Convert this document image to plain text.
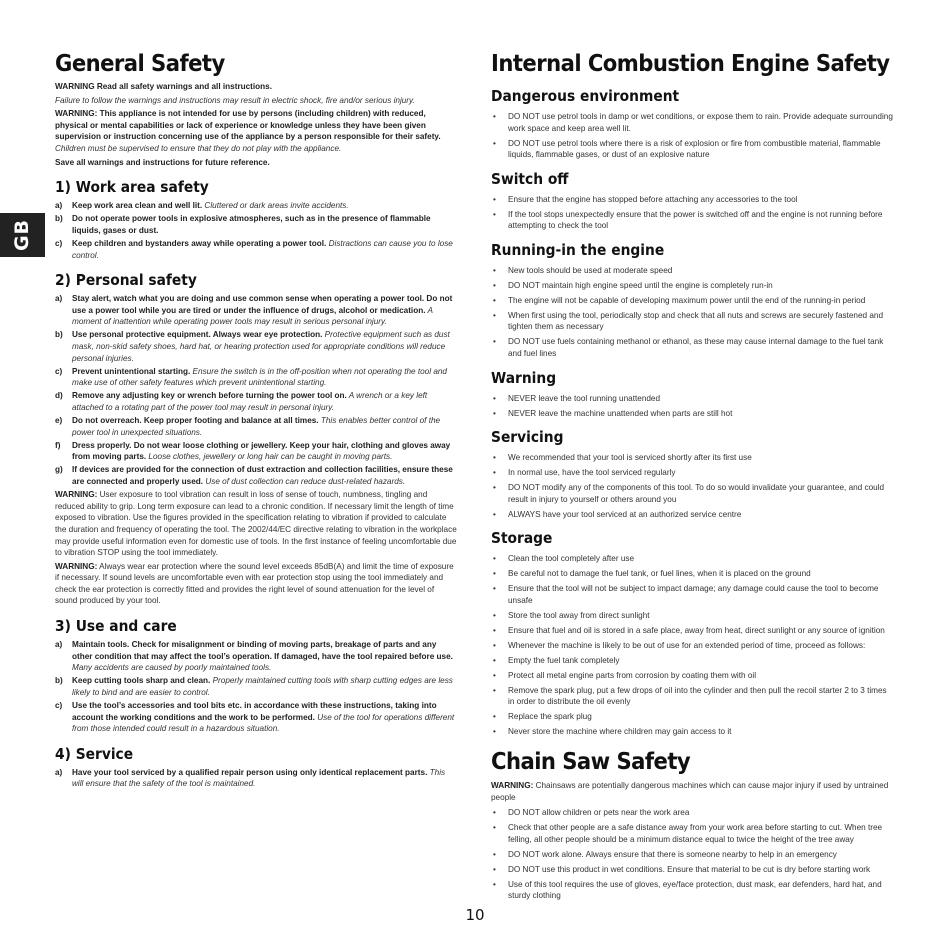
GB
General Safety

WARNING Read all safety warnings and all instructions.

Failure to follow the warnings and instructions may result in electric shock, fire and/or serious injury.

WARNING: This appliance is not intended for use by persons (including children) with reduced, physical or mental capabilities or lack of experience or knowledge unless they have been given supervision or instruction concerning use of the appliance by a person responsible for their safety. Children must be supervised to ensure that they do not play with the appliance.

Save all warnings and instructions for future reference.

1) Work area safety
a)	Keep work area clean and well lit. Cluttered or dark areas invite accidents.
b)	Do not operate power tools in explosive atmospheres, such as in the presence of flammable liquids, gases or dust.
c)	Keep children and bystanders away while operating a power tool. Distractions can cause you to lose control.
2) Personal safety
a)	Stay alert, watch what you are doing and use common sense when operating a power tool. Do not use a power tool while you are tired or under the influence of drugs, alcohol or medication. A moment of inattention while operating power tools may result in serious personal injury.
b)	Use personal protective equipment. Always wear eye protection. Protective equipment such as dust mask, non-skid safety shoes, hard hat, or hearing protection used for appropriate conditions will reduce personal injuries.
c)	Prevent unintentional starting. Ensure the switch is in the off-position when not operating the tool and make use of other safety features which prevent unintentional starting.
d)	Remove any adjusting key or wrench before turning the power tool on. A wrench or a key left attached to a rotating part of the power tool may result in personal injury.
e)	Do not overreach. Keep proper footing and balance at all times. This enables better control of the power tool in unexpected situations.
f)	Dress properly. Do not wear loose clothing or jewellery. Keep your hair, clothing and gloves away from moving parts. Loose clothes, jewellery or long hair can be caught in moving parts.
g)	If devices are provided for the connection of dust extraction and collection facilities, ensure these are connected and properly used. Use of dust collection can reduce dust-related hazards.

WARNING: User exposure to tool vibration can result in loss of sense of touch, numbness, tingling and reduced ability to grip. Long term exposure can lead to a chronic condition. If necessary limit the length of time exposed to vibration. Use the figures provided in the specification relating to vibration if provided to calculate the duration and frequency of operating the tool. The 2002/44/EC directive relating to vibration in the workplace may provide useful information even for domestic use of tools. In the first instance of feeling uncomfortable due to vibration STOP using the tool immediately.

WARNING: Always wear ear protection where the sound level exceeds 85dB(A) and limit the time of exposure if necessary. If sound levels are uncomfortable even with ear protection stop using the tool immediately and check the ear protection is correctly fitted and provides the right level of sound attenuation for the level of sound produced by your tool.

3) Use and care
a)	Maintain tools. Check for misalignment or binding of moving parts, breakage of parts and any other condition that may affect the tool’s operation. If damaged, have the tool repaired before use. Many accidents are caused by poorly maintained tools.
b)	Keep cutting tools sharp and clean. Properly maintained cutting tools with sharp cutting edges are less likely to bind and are easier to control.
c)	Use the tool’s accessories and tool bits etc. in accordance with these instructions, taking into account the working conditions and the work to be performed. Use of the tool for operations different from those intended could result in a hazardous situation.
4) Service
a)	Have your tool serviced by a qualified repair person using only identical replacement parts. This will ensure that the safety of the tool is maintained.
Internal Combustion Engine Safety
Dangerous environment
• DO NOT use petrol tools in damp or wet conditions, or expose them to rain. Provide adequate surrounding work space and keep area well lit.
• DO NOT use petrol tools where there is a risk of explosion or fire from combustible material, flammable liquids, flammable gases, or dust of an explosive nature
Switch off
• Ensure that the engine has stopped before attaching any accessories to the tool
• If the tool stops unexpectedly ensure that the power is switched off and the engine is not running before attempting to check the tool
Running-in the engine
• New tools should be used at moderate speed
• DO NOT maintain high engine speed until the engine is completely run-in
• The engine will not be capable of developing maximum power until the end of the running-in period
• When first using the tool, periodically stop and check that all nuts and screws are securely fastened and tighten them as necessary
• DO NOT use fuels containing methanol or ethanol, as these may cause internal damage to the fuel tank and fuel lines
Warning
• NEVER leave the tool running unattended
• NEVER leave the machine unattended when parts are still hot
Servicing
• We recommended that your tool is serviced shortly after its first use
• In normal use, have the tool serviced regularly
• DO NOT modify any of the components of this tool. To do so would invalidate your guarantee, and could result in injury to yourself or others around you
• ALWAYS have your tool serviced at an authorized service centre
Storage
• Clean the tool completely after use
• Be careful not to damage the fuel tank, or fuel lines, when it is placed on the ground
• Ensure that the tool will not be subject to impact damage; any damage could cause the tool to become unsafe
• Store the tool away from direct sunlight
• Ensure that fuel and oil is stored in a safe place, away from heat, direct sunlight or any source of ignition
• Whenever the machine is likely to be out of use for an extended period of time, proceed as follows:
• Empty the fuel tank completely
• Protect all metal engine parts from corrosion by coating them with oil
• Remove the spark plug, put a few drops of oil into the cylinder and then pull the recoil starter 2 to 3 times in order to distribute the oil evenly
• Replace the spark plug
• Never store the machine where children may gain access to it
Chain Saw Safety

WARNING: Chainsaws are potentially dangerous machines which can cause major injury if used by untrained people

• DO NOT allow children or pets near the work area
• Check that other people are a safe distance away from your work area before starting to cut. When tree felling, all other people should be a minimum distance equal to twice the height of the tree away
• DO NOT work alone. Always ensure that there is someone nearby to help in an emergency
• DO NOT use this product in wet conditions. Ensure that material to be cut is dry before starting work
• Use of this tool requires the use of gloves, eye/face protection, dust mask, ear defenders, hard hat, and sturdy clothing
10
